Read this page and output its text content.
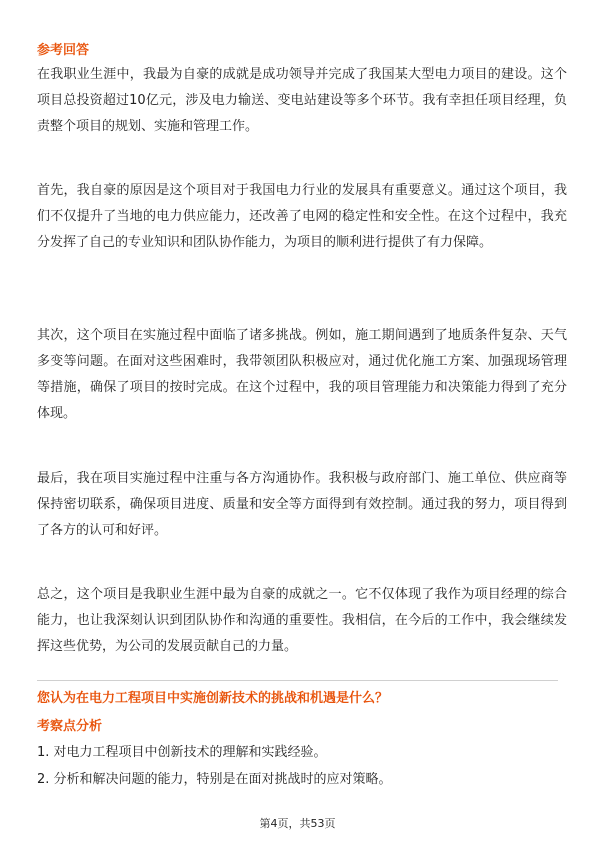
参考回答
在我职业生涯中，我最为自豪的成就是成功领导并完成了我国某大型电力项目的建设。这个项目总投资超过10亿元，涉及电力输送、变电站建设等多个环节。我有幸担任项目经理，负责整个项目的规划、实施和管理工作。
首先，我自豪的原因是这个项目对于我国电力行业的发展具有重要意义。通过这个项目，我们不仅提升了当地的电力供应能力，还改善了电网的稳定性和安全性。在这个过程中，我充分发挥了自己的专业知识和团队协作能力，为项目的顺利进行提供了有力保障。
其次，这个项目在实施过程中面临了诸多挑战。例如，施工期间遇到了地质条件复杂、天气多变等问题。在面对这些困难时，我带领团队积极应对，通过优化施工方案、加强现场管理等措施，确保了项目的按时完成。在这个过程中，我的项目管理能力和决策能力得到了充分体现。
最后，我在项目实施过程中注重与各方沟通协作。我积极与政府部门、施工单位、供应商等保持密切联系，确保项目进度、质量和安全等方面得到有效控制。通过我的努力，项目得到了各方的认可和好评。
总之，这个项目是我职业生涯中最为自豪的成就之一。它不仅体现了我作为项目经理的综合能力，也让我深刻认识到团队协作和沟通的重要性。我相信，在今后的工作中，我会继续发挥这些优势，为公司的发展贡献自己的力量。
您认为在电力工程项目中实施创新技术的挑战和机遇是什么？
考察点分析
1. 对电力工程项目中创新技术的理解和实践经验。
2. 分析和解决问题的能力，特别是在面对挑战时的应对策略。
第4页，共53页
